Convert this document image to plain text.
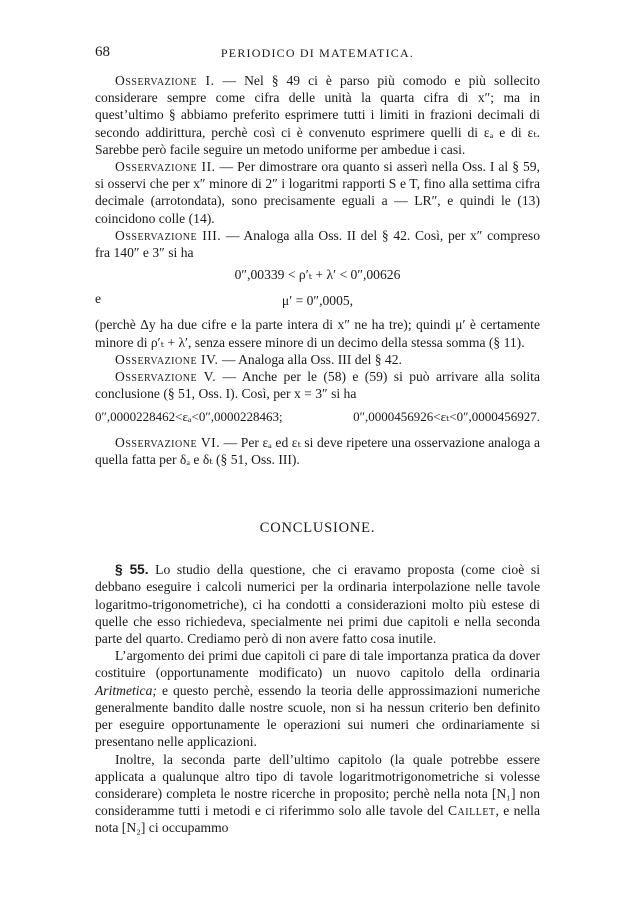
68	PERIODICO DI MATEMATICA.

Osservazione I. — Nel § 49 ci è parso più comodo e più sollecito considerare sempre come cifra delle unità la quarta cifra di x″; ma in quest’ultimo § abbiamo preferito esprimere tutti i limiti in frazioni decimali di secondo addirittura, perchè così ci è convenuto esprimere quelli di εₐ e di εₜ. Sarebbe però facile seguire un metodo uniforme per ambedue i casi.

Osservazione II. — Per dimostrare ora quanto si asserì nella Oss. I al § 59, si osservi che per x″ minore di 2″ i logaritmi rapporti S e T, fino alla settima cifra decimale (arrotondata), sono precisamente eguali a — LR″, e quindi le (13) coincidono colle (14).

Osservazione III. — Analoga alla Oss. II del § 42. Così, per x″ compreso fra 140″ e 3″ si ha

0″,00339 < ρ′ₜ + λ′ < 0″,00626
e	μ′ = 0″,0005,

(perchè Δy ha due cifre e la parte intera di x″ ne ha tre); quindi μ′ è certamente minore di ρ′ₜ + λ′, senza essere minore di un decimo della stessa somma (§ 11).

Osservazione IV. — Analoga alla Oss. III del § 42.

Osservazione V. — Anche per le (58) e (59) si può arrivare alla solita conclusione (§ 51, Oss. I). Così, per x = 3″ si ha

0″,0000228462<εₐ<0″,0000228463;	0″,0000456926<εₜ<0″,0000456927.

Osservazione VI. — Per εₐ ed εₜ si deve ripetere una osservazione analoga a quella fatta per δₐ e δₜ (§ 51, Oss. III).

CONCLUSIONE.

§ 55. Lo studio della questione, che ci eravamo proposta (come cioè si debbano eseguire i calcoli numerici per la ordinaria interpolazione nelle tavole logaritmo-trigonometriche), ci ha condotti a considerazioni molto più estese di quelle che esso richiedeva, specialmente nei primi due capitoli e nella seconda parte del quarto. Crediamo però di non avere fatto cosa inutile.

L’argomento dei primi due capitoli ci pare di tale importanza pratica da dover costituire (opportunamente modificato) un nuovo capitolo della ordinaria Aritmetica; e questo perchè, essendo la teoria delle approssimazioni numeriche generalmente bandito dalle nostre scuole, non si ha nessun criterio ben definito per eseguire opportunamente le operazioni sui numeri che ordinariamente si presentano nelle applicazioni.

Inoltre, la seconda parte dell’ultimo capitolo (la quale potrebbe essere applicata a qualunque altro tipo di tavole logaritmotrigonometriche si volesse considerare) completa le nostre ricerche in proposito; perchè nella nota [N₁] non consideramme tutti i metodi e ci riferimmo solo alle tavole del Caillet, e nella nota [N₂] ci occupammo
